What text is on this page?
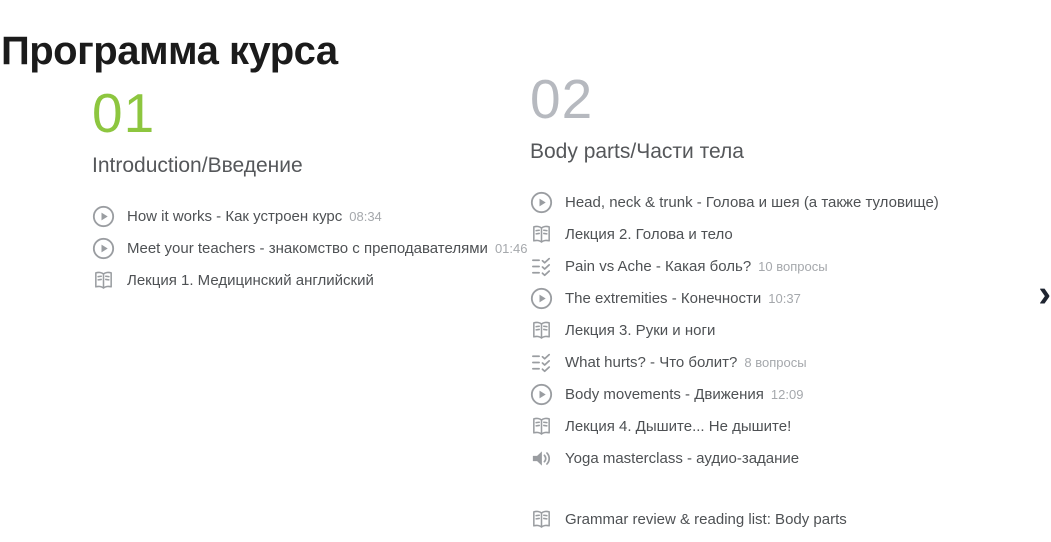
Программа курса
›
01
Introduction/Введение
How it works - Как устроен курс 08:34
Meet your teachers - знакомство с преподавателями 01:46
Лекция 1. Медицинский английский
02
Body parts/Части тела
Head, neck & trunk - Голова и шея (а также туловище)
Лекция 2. Голова и тело
Pain vs Ache - Какая боль? 10 вопросы
The extremities - Конечности 10:37
Лекция 3. Руки и ноги
What hurts? - Что болит? 8 вопросы
Body movements - Движения 12:09
Лекция 4. Дышите... Не дышите!
Yoga masterclass - аудио-задание
Grammar review & reading list: Body parts
